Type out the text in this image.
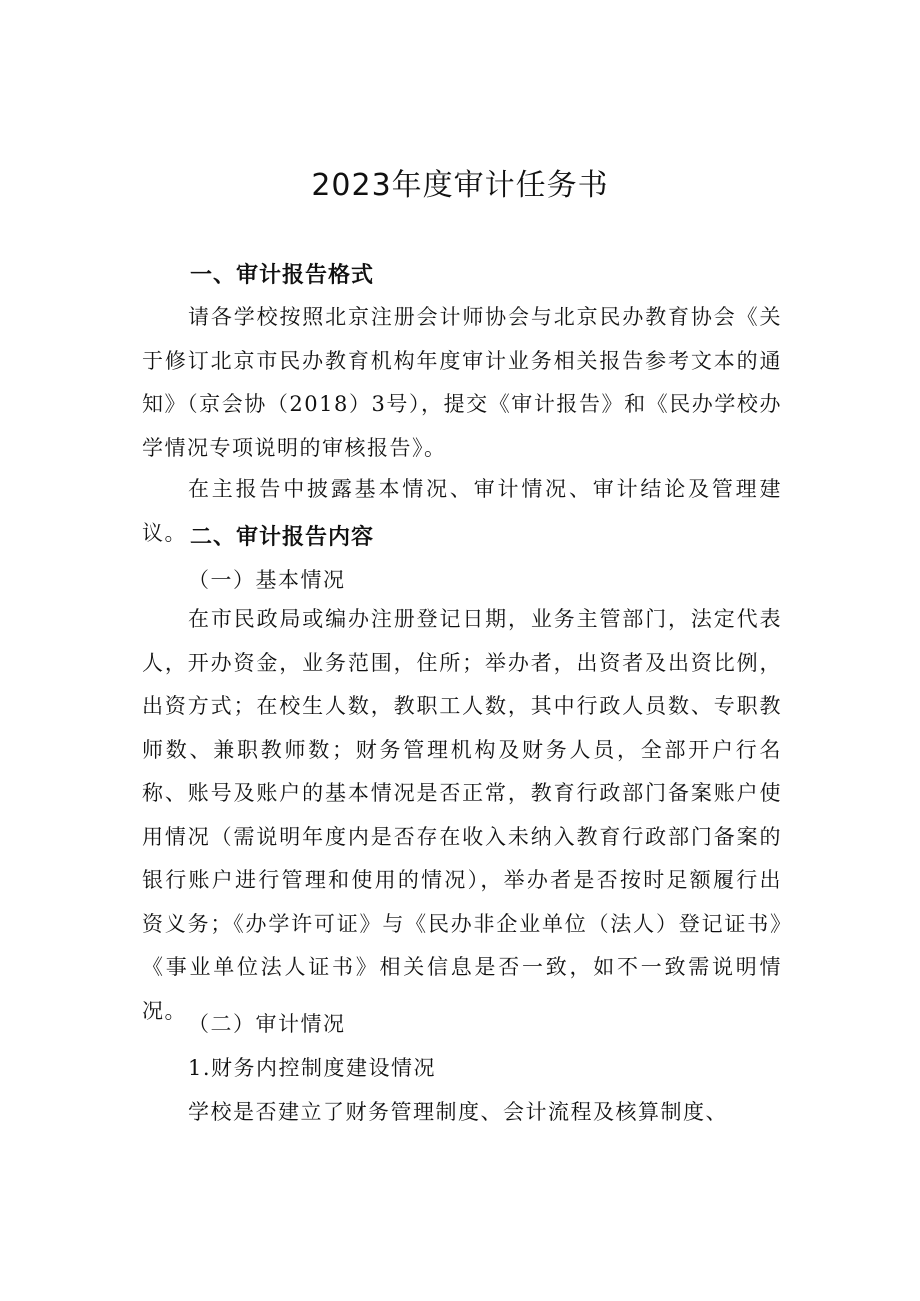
2023年度审计任务书
一、审计报告格式
请各学校按照北京注册会计师协会与北京民办教育协会《关于修订北京市民办教育机构年度审计业务相关报告参考文本的通知》（京会协（2018）3号），提交《审计报告》和《民办学校办学情况专项说明的审核报告》。
在主报告中披露基本情况、审计情况、审计结论及管理建议。 二、审计报告内容
（一）基本情况
在市民政局或编办注册登记日期，业务主管部门，法定代表人，开办资金，业务范围，住所；举办者，出资者及出资比例，出资方式；在校生人数，教职工人数，其中行政人员数、专职教师数、兼职教师数；财务管理机构及财务人员，全部开户行名称、账号及账户的基本情况是否正常，教育行政部门备案账户使用情况（需说明年度内是否存在收入未纳入教育行政部门备案的银行账户进行管理和使用的情况），举办者是否按时足额履行出资义务；《办学许可证》与《民办非企业单位（法人）登记证书》《事业单位法人证书》相关信息是否一致，如不一致需说明情况。
（二）审计情况
1.财务内控制度建设情况
学校是否建立了财务管理制度、会计流程及核算制度、
